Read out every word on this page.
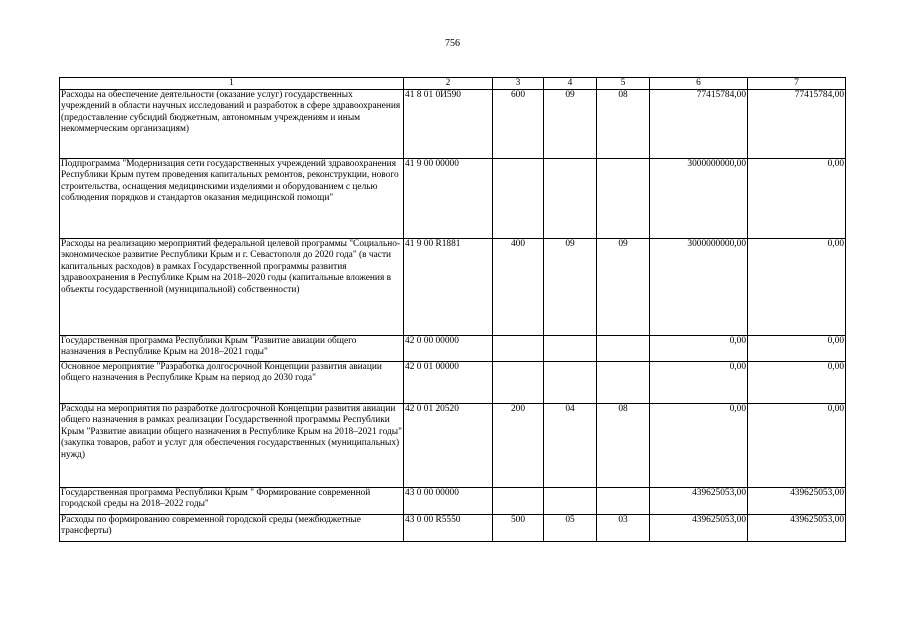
756
1	2	3	4	5	6	7
Расходы на обеспечение деятельности (оказание услуг) государственных учреждений в области научных исследований и разработок в сфере здравоохранения (предоставление субсидий бюджетным, автономным учреждениям и иным некоммерческим организациям)	41 8 01 0И590	600	09	08	77415784,00	77415784,00
Подпрограмма "Модернизация сети государственных учреждений здравоохранения Республики Крым путем проведения капитальных ремонтов, реконструкции, нового строительства, оснащения медицинскими изделиями и оборудованием с целью соблюдения порядков и стандартов оказания медицинской помощи"	41 9 00 00000				3000000000,00	0,00
Расходы на реализацию мероприятий федеральной целевой программы "Социально-экономическое развитие Республики Крым и г. Севастополя до 2020 года" (в части капитальных расходов) в рамках Государственной программы развития здравоохранения в Республике Крым на 2018–2020 годы (капитальные вложения в объекты государственной (муниципальной) собственности)	41 9 00 R1881	400	09	09	3000000000,00	0,00
Государственная программа Республики Крым "Развитие авиации общего назначения в Республике Крым на 2018–2021 годы"	42 0 00 00000				0,00	0,00
Основное мероприятие "Разработка долгосрочной Концепции развития авиации общего назначения в Республике Крым на период до 2030 года"	42 0 01 00000				0,00	0,00
Расходы на мероприятия по разработке долгосрочной Концепции развития авиации общего назначения в рамках реализации Государственной программы Республики Крым "Развитие авиации общего назначения в Республике Крым на 2018–2021 годы" (закупка товаров, работ и услуг для обеспечения государственных (муниципальных) нужд)	42 0 01 20520	200	04	08	0,00	0,00
Государственная программа Республики Крым " Формирование современной городской среды на 2018–2022 годы"	43 0 00 00000				439625053,00	439625053,00
Расходы по формированию современной городской среды (межбюджетные трансферты)	43 0 00 R5550	500	05	03	439625053,00	439625053,00
